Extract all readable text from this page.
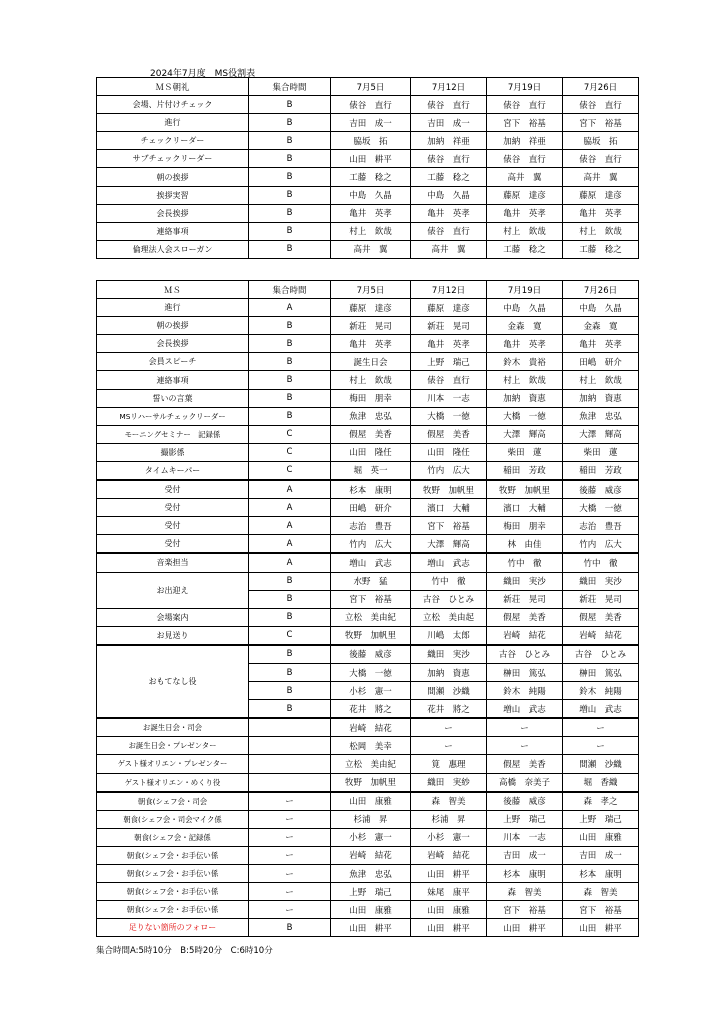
2024年7月度　MS役割表
ＭＳ朝礼	集合時間	7月5日	7月12日	7月19日	7月26日
会場、片付けチェック	B	俵谷　直行	俵谷　直行	俵谷　直行	俵谷　直行
進行	B	吉田　成一	吉田　成一	宮下　裕基	宮下　裕基
チェックリーダー	B	脇坂　拓	加納　祥亜	加納　祥亜	脇坂　拓
サブチェックリーダー	B	山田　耕平	俵谷　直行	俵谷　直行	俵谷　直行
朝の挨拶	B	工藤　稔之	工藤　稔之	高井　翼	高井　翼
挨拶実習	B	中島　久晶	中島　久晶	藤原　達彦	藤原　達彦
会長挨拶	B	亀井　英孝	亀井　英孝	亀井　英孝	亀井　英孝
連絡事項	B	村上　欽哉	俵谷　直行	村上　欽哉	村上　欽哉
倫理法人会スローガン	B	高井　翼	高井　翼	工藤　稔之	工藤　稔之
ＭＳ	集合時間	7月5日	7月12日	7月19日	7月26日
進行	A	藤原　達彦	藤原　達彦	中島　久晶	中島　久晶
朝の挨拶	B	新荘　晃司	新荘　晃司	金森　寛	金森　寛
会長挨拶	B	亀井　英孝	亀井　英孝	亀井　英孝	亀井　英孝
会員スピーチ	B	誕生日会	上野　瑞己	鈴木　貴裕	田嶋　研介
連絡事項	B	村上　欽哉	俵谷　直行	村上　欽哉	村上　欽哉
誓いの言葉	B	梅田　朋幸	川本　一志	加納　資恵	加納　資恵
MSリハーサルチェックリーダー	B	魚津　忠弘	大橋　一徳	大橋　一徳	魚津　忠弘
モーニングセミナー　記録係	C	假屋　美香	假屋　美香	大澤　輝高	大澤　輝高
撮影係	C	山田　隆任	山田　隆任	柴田　蓮	柴田　蓮
タイムキーパー	C	堀　英一	竹内　広大	稲田　芳政	稲田　芳政
受付	A	杉本　康明	牧野　加帆里	牧野　加帆里	後藤　威彦
受付	A	田嶋　研介	濱口　大輔	濱口　大輔	大橋　一徳
受付	A	志治　豊吾	宮下　裕基	梅田　朋幸	志治　豊吾
受付	A	竹内　広大	大澤　輝高	林　由佳	竹内　広大
音楽担当	A	増山　武志	増山　武志	竹中　徹	竹中　徹
お出迎え	B	水野　猛	竹中　徹	織田　実沙	織田　実沙
	B	宮下　裕基	古谷　ひとみ	新荘　晃司	新荘　晃司
会場案内	B	立松　美由紀	立松　美由起	假屋　美香	假屋　美香
お見送り	C	牧野　加帆里	川嶋　太郎	岩崎　結花	岩崎　結花
おもてなし役	B	後藤　威彦	織田　実沙	古谷　ひとみ	古谷　ひとみ
	B	大橋　一徳	加納　資恵	榊田　篤弘	榊田　篤弘
	B	小杉　憲一	間瀬　沙織	鈴木　純陽	鈴木　純陽
	B	花井　將之	花井　將之	増山　武志	増山　武志
お誕生日会・司会		岩崎　結花	ー	ー	ー
お誕生日会・プレゼンター		松岡　美幸	ー	ー	ー
ゲスト様オリエン・プレゼンター		立松　美由紀	筧　惠理	假屋　美香	間瀬　沙織
ゲスト様オリエン・めくり役		牧野　加帆里	織田　実紗	高橋　奈美子	堀　香織
朝食(シェフ会・司会	ー	山田　康雅	森　智美	後藤　威彦	森　孝之
朝食(シェフ会・司会マイク係	ー	杉浦　昇	杉浦　昇	上野　瑞己	上野　瑞己
朝食(シェフ会・記録係	ー	小杉　憲一	小杉　憲一	川本　一志	山田　康雅
朝食(シェフ会・お手伝い係	ー	岩崎　結花	岩崎　結花	吉田　成一	吉田　成一
朝食(シェフ会・お手伝い係	ー	魚津　忠弘	山田　耕平	杉本　康明	杉本　康明
朝食(シェフ会・お手伝い係	ー	上野　瑞己	妹尾　康平	森　智美	森　智美
朝食(シェフ会・お手伝い係	ー	山田　康雅	山田　康雅	宮下　裕基	宮下　裕基
足りない箇所のフォロー	B	山田　耕平	山田　耕平	山田　耕平	山田　耕平
集合時間A:5時10分　B:5時20分　C:6時10分
